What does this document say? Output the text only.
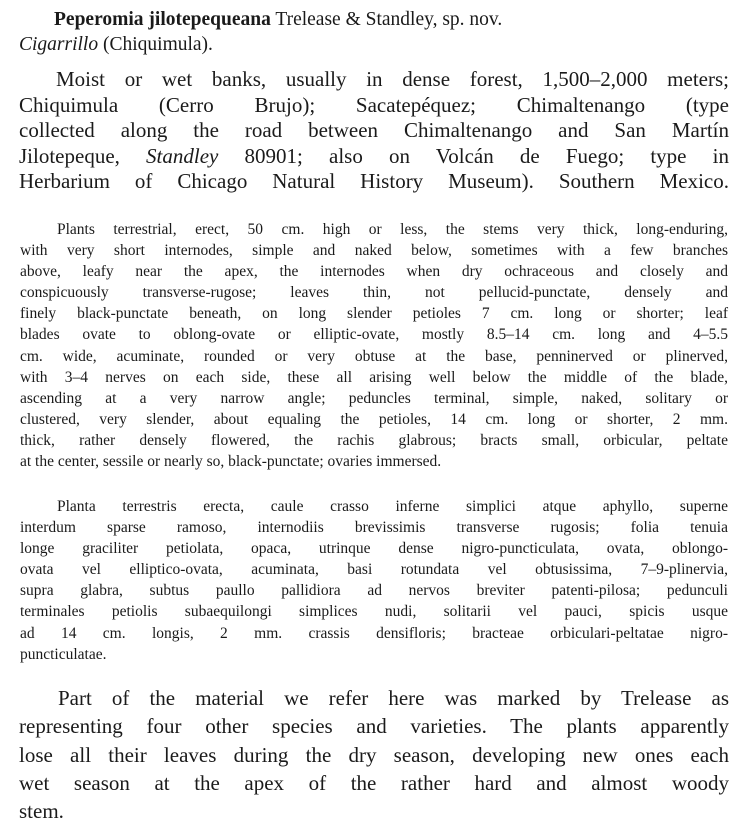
Peperomia jilotepequeana Trelease & Standley, sp. nov.
Cigarrillo (Chiquimula).
Moist or wet banks, usually in dense forest, 1,500–2,000 meters;
Chiquimula (Cerro Brujo); Sacatepéquez; Chimaltenango (type
collected along the road between Chimaltenango and San Martín
Jilotepeque, Standley 80901; also on Volcán de Fuego; type in
Herbarium of Chicago Natural History Museum). Southern Mexico.
Plants terrestrial, erect, 50 cm. high or less, the stems very thick, long-enduring,
with very short internodes, simple and naked below, sometimes with a few branches
above, leafy near the apex, the internodes when dry ochraceous and closely and
conspicuously transverse-rugose; leaves thin, not pellucid-punctate, densely and
finely black-punctate beneath, on long slender petioles 7 cm. long or shorter; leaf
blades ovate to oblong-ovate or elliptic-ovate, mostly 8.5–14 cm. long and 4–5.5
cm. wide, acuminate, rounded or very obtuse at the base, penninerved or plinerved,
with 3–4 nerves on each side, these all arising well below the middle of the blade,
ascending at a very narrow angle; peduncles terminal, simple, naked, solitary or
clustered, very slender, about equaling the petioles, 14 cm. long or shorter, 2 mm.
thick, rather densely flowered, the rachis glabrous; bracts small, orbicular, peltate
at the center, sessile or nearly so, black-punctate; ovaries immersed.
Planta terrestris erecta, caule crasso inferne simplici atque aphyllo, superne
interdum sparse ramoso, internodiis brevissimis transverse rugosis; folia tenuia
longe graciliter petiolata, opaca, utrinque dense nigro-puncticulata, ovata, oblongo-
ovata vel elliptico-ovata, acuminata, basi rotundata vel obtusissima, 7–9-plinervia,
supra glabra, subtus paullo pallidiora ad nervos breviter patenti-pilosa; pedunculi
terminales petiolis subaequilongi simplices nudi, solitarii vel pauci, spicis usque
ad 14 cm. longis, 2 mm. crassis densifloris; bracteae orbiculari-peltatae nigro-
puncticulatae.
Part of the material we refer here was marked by Trelease as
representing four other species and varieties. The plants apparently
lose all their leaves during the dry season, developing new ones each
wet season at the apex of the rather hard and almost woody
stem.
